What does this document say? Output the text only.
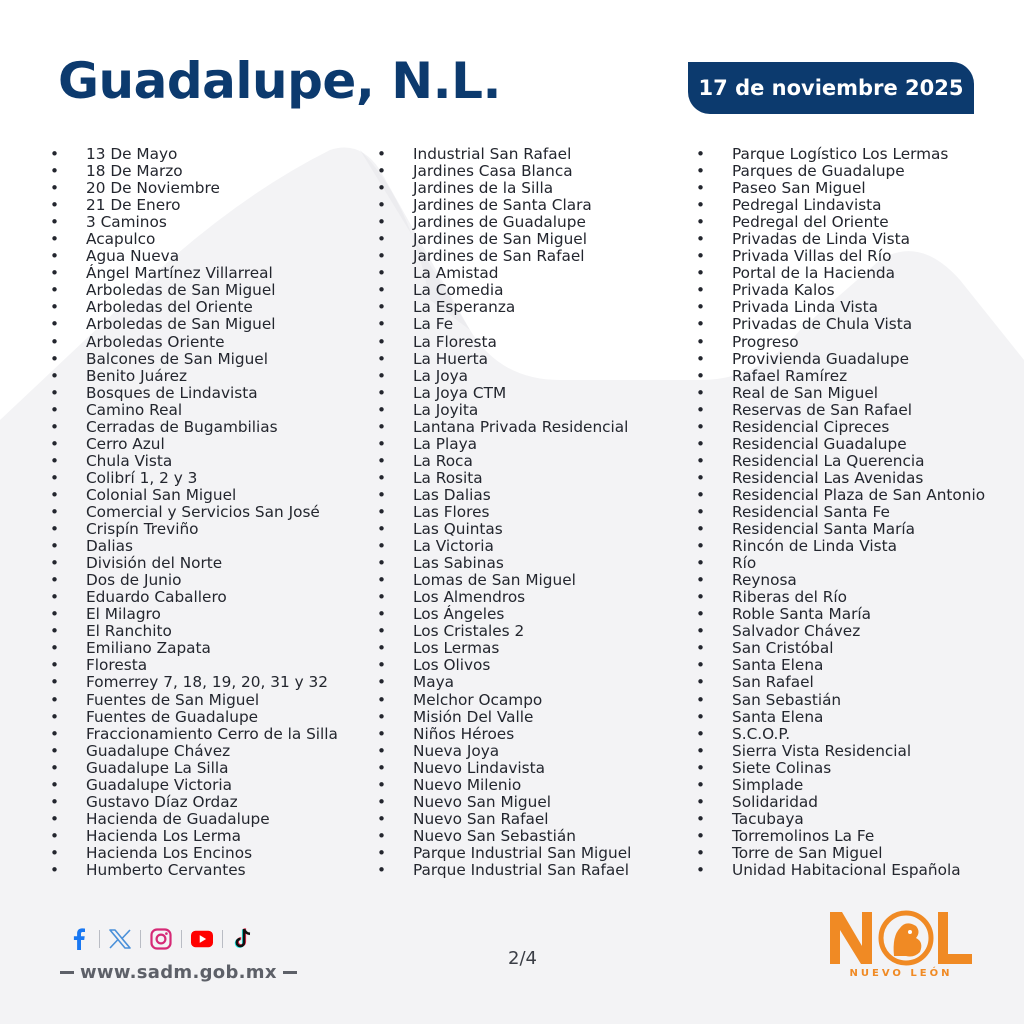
Guadalupe, N.L.	17 de noviembre 2025
• 13 De Mayo
• 18 De Marzo
• 20 De Noviembre
• 21 De Enero
• 3 Caminos
• Acapulco
• Agua Nueva
• Ángel Martínez Villarreal
• Arboledas de San Miguel
• Arboledas del Oriente
• Arboledas de San Miguel
• Arboledas Oriente
• Balcones de San Miguel
• Benito Juárez
• Bosques de Lindavista
• Camino Real
• Cerradas de Bugambilias
• Cerro Azul
• Chula Vista
• Colibrí 1, 2 y 3
• Colonial San Miguel
• Comercial y Servicios San José
• Crispín Treviño
• Dalias
• División del Norte
• Dos de Junio
• Eduardo Caballero
• El Milagro
• El Ranchito
• Emiliano Zapata
• Floresta
• Fomerrey 7, 18, 19, 20, 31 y 32
• Fuentes de San Miguel
• Fuentes de Guadalupe
• Fraccionamiento Cerro de la Silla
• Guadalupe Chávez
• Guadalupe La Silla
• Guadalupe Victoria
• Gustavo Díaz Ordaz
• Hacienda de Guadalupe
• Hacienda Los Lerma
• Hacienda Los Encinos
• Humberto Cervantes
• Industrial San Rafael
• Jardines Casa Blanca
• Jardines de la Silla
• Jardines de Santa Clara
• Jardines de Guadalupe
• Jardines de San Miguel
• Jardines de San Rafael
• La Amistad
• La Comedia
• La Esperanza
• La Fe
• La Floresta
• La Huerta
• La Joya
• La Joya CTM
• La Joyita
• Lantana Privada Residencial
• La Playa
• La Roca
• La Rosita
• Las Dalias
• Las Flores
• Las Quintas
• La Victoria
• Las Sabinas
• Lomas de San Miguel
• Los Almendros
• Los Ángeles
• Los Cristales 2
• Los Lermas
• Los Olivos
• Maya
• Melchor Ocampo
• Misión Del Valle
• Niños Héroes
• Nueva Joya
• Nuevo Lindavista
• Nuevo Milenio
• Nuevo San Miguel
• Nuevo San Rafael
• Nuevo San Sebastián
• Parque Industrial San Miguel
• Parque Industrial San Rafael
• Parque Logístico Los Lermas
• Parques de Guadalupe
• Paseo San Miguel
• Pedregal Lindavista
• Pedregal del Oriente
• Privadas de Linda Vista
• Privada Villas del Río
• Portal de la Hacienda
• Privada Kalos
• Privada Linda Vista
• Privadas de Chula Vista
• Progreso
• Provivienda Guadalupe
• Rafael Ramírez
• Real de San Miguel
• Reservas de San Rafael
• Residencial Cipreces
• Residencial Guadalupe
• Residencial La Querencia
• Residencial Las Avenidas
• Residencial Plaza de San Antonio
• Residencial Santa Fe
• Residencial Santa María
• Rincón de Linda Vista
• Río
• Reynosa
• Riberas del Río
• Roble Santa María
• Salvador Chávez
• San Cristóbal
• Santa Elena
• San Rafael
• San Sebastián
• Santa Elena
• S.C.O.P.
• Sierra Vista Residencial
• Siete Colinas
• Simplade
• Solidaridad
• Tacubaya
• Torremolinos La Fe
• Torre de San Miguel
• Unidad Habitacional Española
www.sadm.gob.mx
2/4
NUEVO LEÓN
